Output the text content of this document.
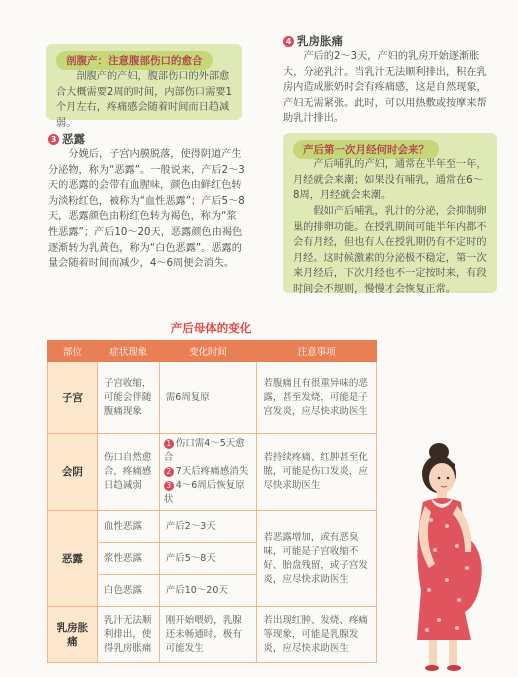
剖腹产：注意腹部伤口的愈合

剖腹产的产妇，腹部伤口的外部愈合大概需要2周的时间，内部伤口需要1个月左右，疼痛感会随着时间而日趋减弱。

3 恶露

分娩后，子宫内膜脱落，使得阴道产生分泌物，称为“恶露”。一般说来，产后2～3天的恶露的会带有血腥味，颜色由鲜红色转为淡粉红色，被称为“血性恶露”；产后5～8天，恶露颜色由粉红色转为褐色，称为“浆性恶露”；产后10～20天，恶露颜色由褐色逐渐转为乳黄色，称为“白色恶露”。恶露的量会随着时间而减少，4～6周便会消失。

4 乳房胀痛

产后的2～3天，产妇的乳房开始逐渐胀大，分泌乳汁。当乳汁无法顺利排出，积在乳房内造成胀奶时会有疼痛感，这是自然现象，产妇无需紧张。此时，可以用热敷或按摩来帮助乳汁排出。

产后第一次月经何时会来？

产后哺乳的产妇，通常在半年至一年，月经就会来潮；如果没有哺乳，通常在6～8周，月经就会来潮。

假如产后哺乳，乳汁的分泌，会抑制卵巢的排卵功能。在授乳期间可能半年内都不会有月经，但也有人在授乳期仍有不定时的月经。这时候激素的分泌极不稳定，第一次来月经后，下次月经也不一定按时来，有段时间会不规则，慢慢才会恢复正常。

产后母体的变化
部位	症状现象	变化时间	注意事项
子宫	子宫收缩，可能会伴随腹痛现象	需6周复原	若腹痛且有很重异味的恶露，甚至发烧，可能是子宫发炎，应尽快求助医生
会阴	伤口自然愈合，疼痛感日趋减弱	1 伤口需4～5天愈合
2 7天后疼痛感消失
3 4～6周后恢复原状	若持续疼痛、红肿甚至化脓，可能是伤口发炎，应尽快求助医生
恶露	血性恶露	产后2～3天	若恶露增加，或有恶臭味，可能是子宫收缩不好、胎盘残留，或子宫发炎，应尽快求助医生
	浆性恶露	产后5～8天	
	白色恶露	产后10～20天	
乳房胀痛	乳汁无法顺利排出，使得乳房胀痛	刚开始喂奶，乳腺还未畅通时，极有可能发生	若出现红肿、发烧、疼痛等现象，可能是乳腺发炎，应尽快求助医生
